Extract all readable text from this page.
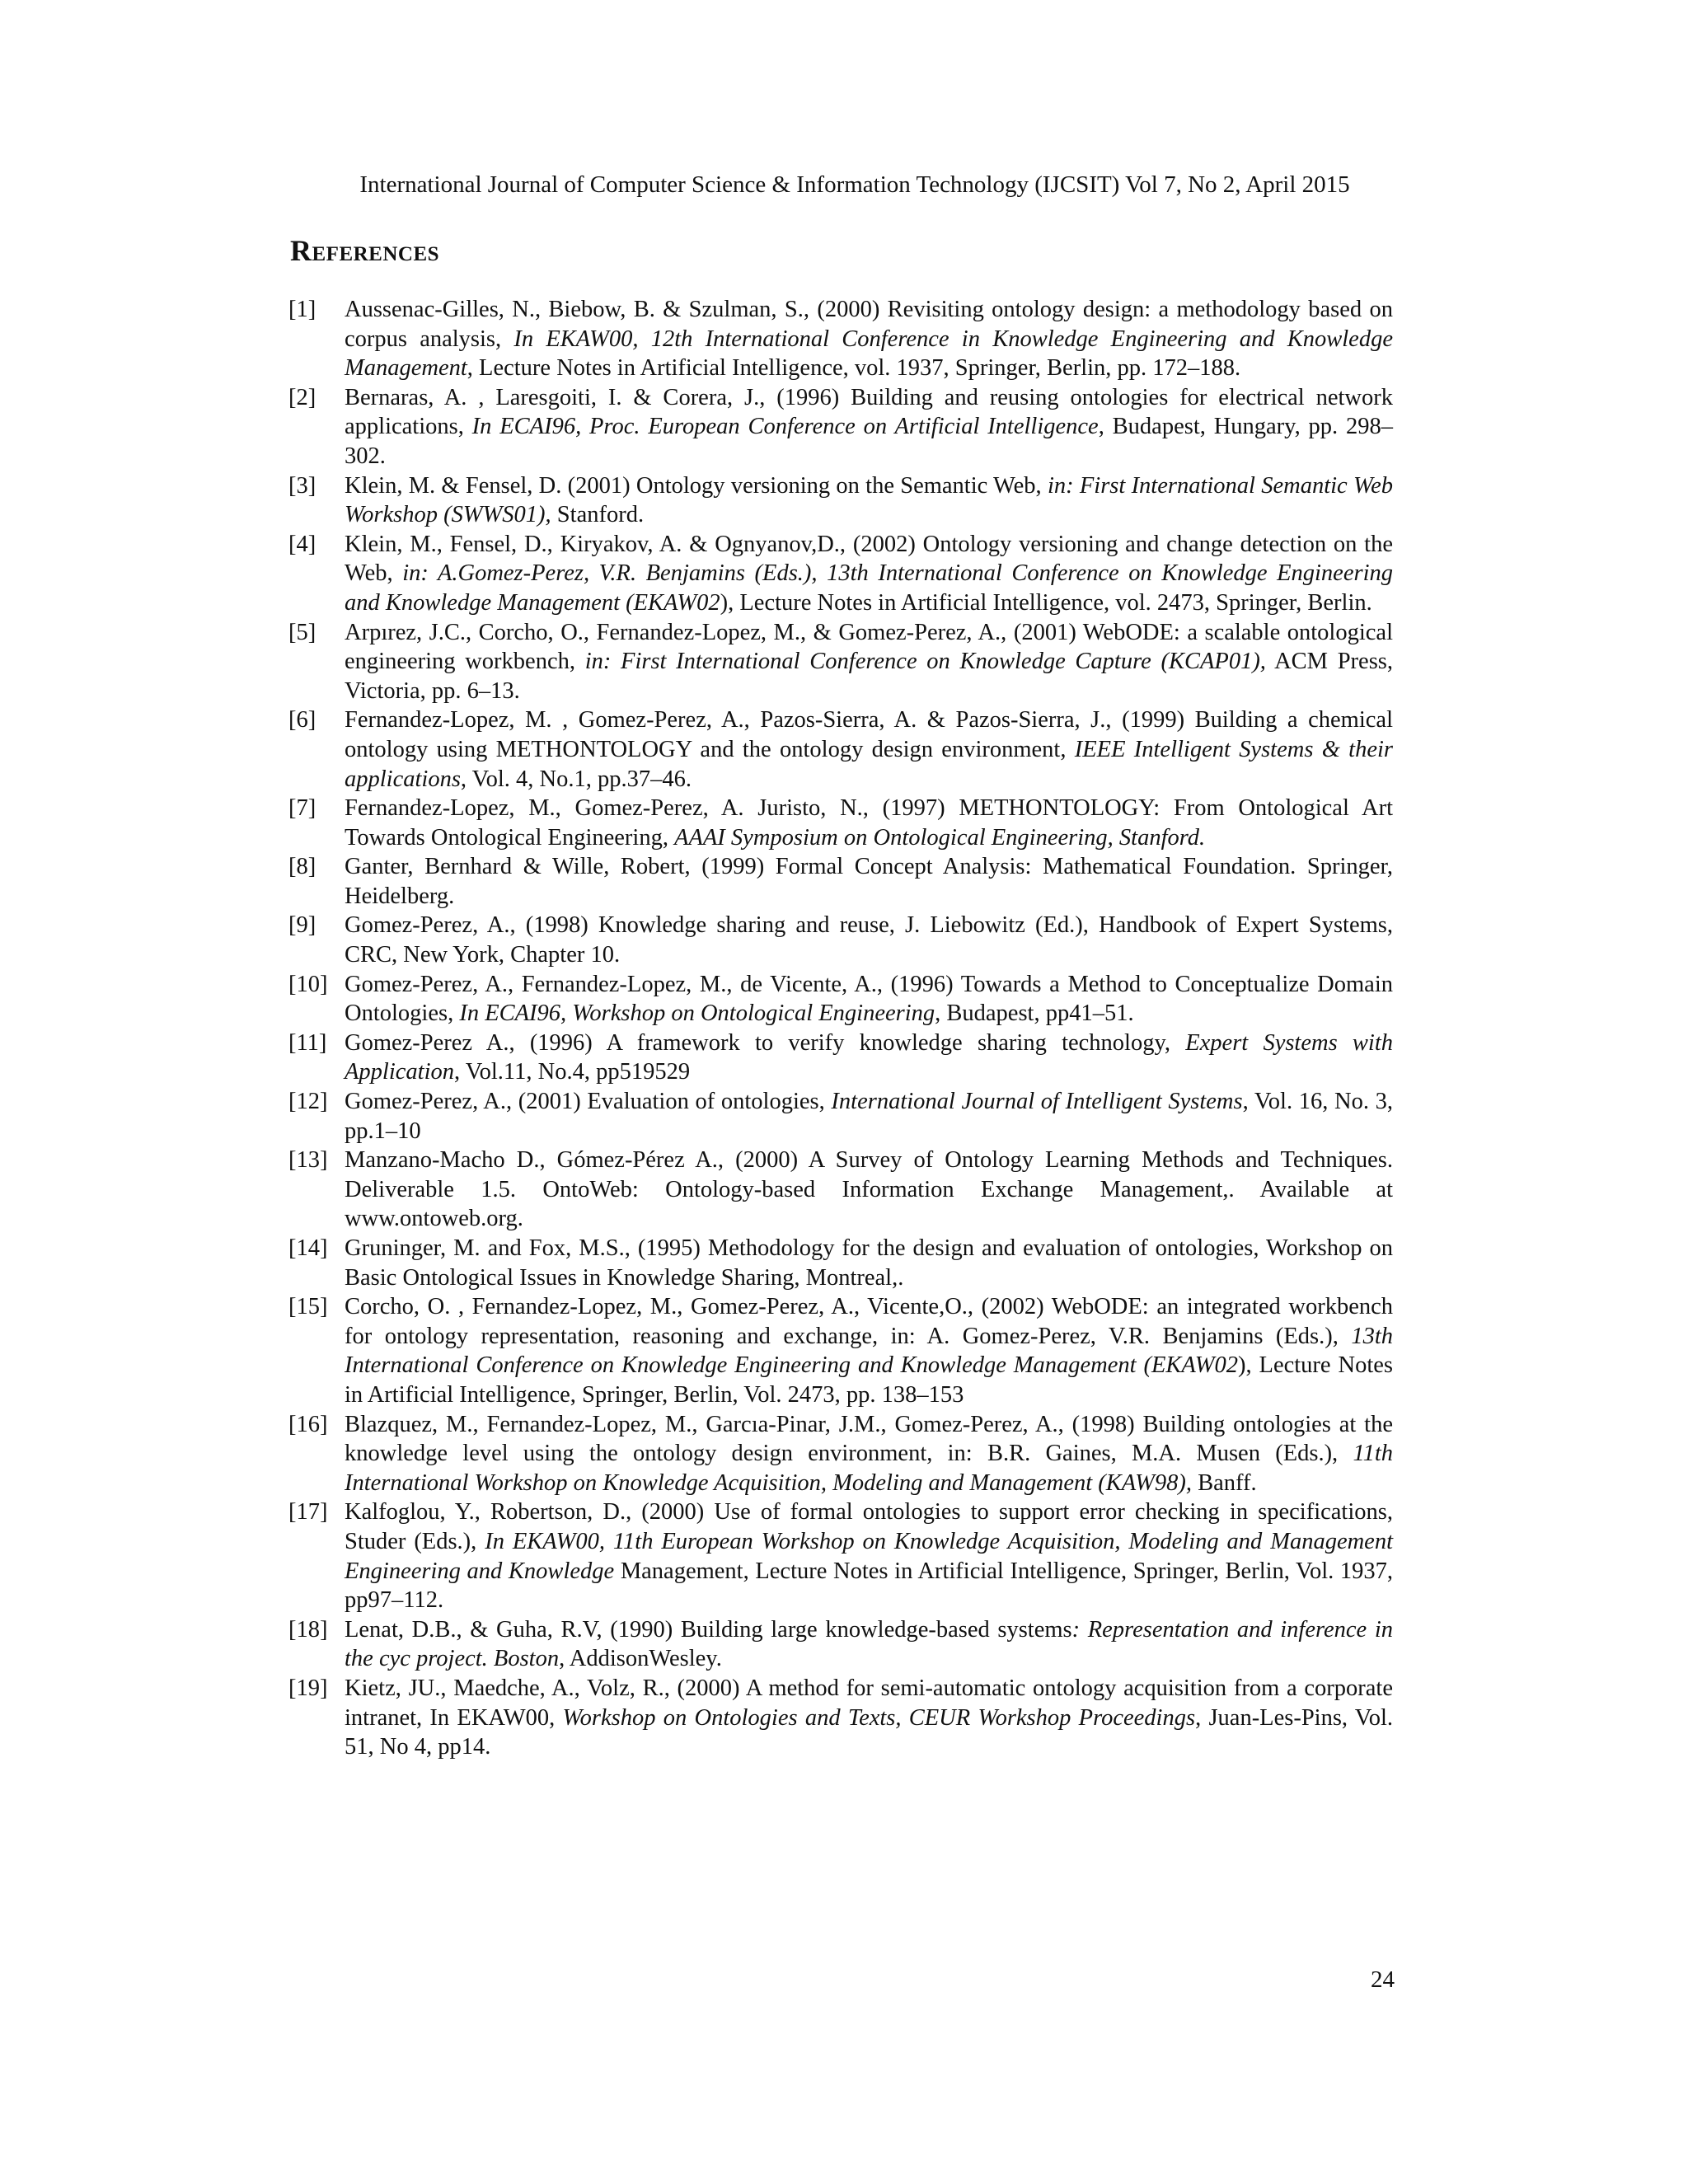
International Journal of Computer Science & Information Technology (IJCSIT) Vol 7, No 2, April 2015
References
[1]	Aussenac-Gilles, N., Biebow, B. & Szulman, S., (2000) Revisiting ontology design: a methodology based on corpus analysis, In EKAW00, 12th International Conference in Knowledge Engineering and Knowledge Management, Lecture Notes in Artificial Intelligence, vol. 1937, Springer, Berlin, pp. 172–188.
[2]	Bernaras, A. , Laresgoiti, I. & Corera, J., (1996) Building and reusing ontologies for electrical network applications, In ECAI96, Proc. European Conference on Artificial Intelligence, Budapest, Hungary, pp. 298–302.
[3]	Klein, M. & Fensel, D. (2001) Ontology versioning on the Semantic Web, in: First International Semantic Web Workshop (SWWS01), Stanford.
[4]	Klein, M., Fensel, D., Kiryakov, A. & Ognyanov,D., (2002) Ontology versioning and change detection on the Web, in: A.Gomez-Perez, V.R. Benjamins (Eds.), 13th International Conference on Knowledge Engineering and Knowledge Management (EKAW02), Lecture Notes in Artificial Intelligence, vol. 2473, Springer, Berlin.
[5]	Arpırez, J.C., Corcho, O., Fernandez-Lopez, M., & Gomez-Perez, A., (2001) WebODE: a scalable ontological engineering workbench, in: First International Conference on Knowledge Capture (KCAP01), ACM Press, Victoria, pp. 6–13.
[6]	Fernandez-Lopez, M. , Gomez-Perez, A., Pazos-Sierra, A. & Pazos-Sierra, J., (1999) Building a chemical ontology using METHONTOLOGY and the ontology design environment, IEEE Intelligent Systems & their applications, Vol. 4, No.1, pp.37–46.
[7]	Fernandez-Lopez, M., Gomez-Perez, A. Juristo, N., (1997) METHONTOLOGY: From Ontological Art Towards Ontological Engineering, AAAI Symposium on Ontological Engineering, Stanford.
[8]	Ganter, Bernhard & Wille, Robert, (1999) Formal Concept Analysis: Mathematical Foundation. Springer, Heidelberg.
[9]	Gomez-Perez, A., (1998) Knowledge sharing and reuse, J. Liebowitz (Ed.), Handbook of Expert Systems, CRC, New York, Chapter 10.
[10] Gomez-Perez, A., Fernandez-Lopez, M., de Vicente, A., (1996) Towards a Method to Conceptualize Domain Ontologies, In ECAI96, Workshop on Ontological Engineering, Budapest, pp41–51.
[11] Gomez-Perez A., (1996) A framework to verify knowledge sharing technology, Expert Systems with Application, Vol.11, No.4, pp519529
[12] Gomez-Perez, A., (2001) Evaluation of ontologies, International Journal of Intelligent Systems, Vol. 16, No. 3, pp.1–10
[13] Manzano-Macho D., Gómez-Pérez A., (2000) A Survey of Ontology Learning Methods and Techniques. Deliverable 1.5. OntoWeb: Ontology-based Information Exchange Management,. Available at www.ontoweb.org.
[14] Gruninger, M. and Fox, M.S., (1995) Methodology for the design and evaluation of ontologies, Workshop on Basic Ontological Issues in Knowledge Sharing, Montreal,.
[15] Corcho, O. , Fernandez-Lopez, M., Gomez-Perez, A., Vicente,O., (2002) WebODE: an integrated workbench for ontology representation, reasoning and exchange, in: A. Gomez-Perez, V.R. Benjamins (Eds.), 13th International Conference on Knowledge Engineering and Knowledge Management (EKAW02), Lecture Notes in Artificial Intelligence, Springer, Berlin, Vol. 2473, pp. 138–153
[16] Blazquez, M., Fernandez-Lopez, M., Garcıa-Pinar, J.M., Gomez-Perez, A., (1998) Building ontologies at the knowledge level using the ontology design environment, in: B.R. Gaines, M.A. Musen (Eds.), 11th International Workshop on Knowledge Acquisition, Modeling and Management (KAW98), Banff.
[17] Kalfoglou, Y., Robertson, D., (2000) Use of formal ontologies to support error checking in specifications, Studer (Eds.), In EKAW00, 11th European Workshop on Knowledge Acquisition, Modeling and Management Engineering and Knowledge Management, Lecture Notes in Artificial Intelligence, Springer, Berlin, Vol. 1937, pp97–112.
[18] Lenat, D.B., & Guha, R.V, (1990) Building large knowledge-based systems: Representation and inference in the cyc project. Boston, AddisonWesley.
[19] Kietz, JU., Maedche, A., Volz, R., (2000) A method for semi-automatic ontology acquisition from a corporate intranet, In EKAW00, Workshop on Ontologies and Texts, CEUR Workshop Proceedings, Juan-Les-Pins, Vol. 51, No 4, pp14.
24
